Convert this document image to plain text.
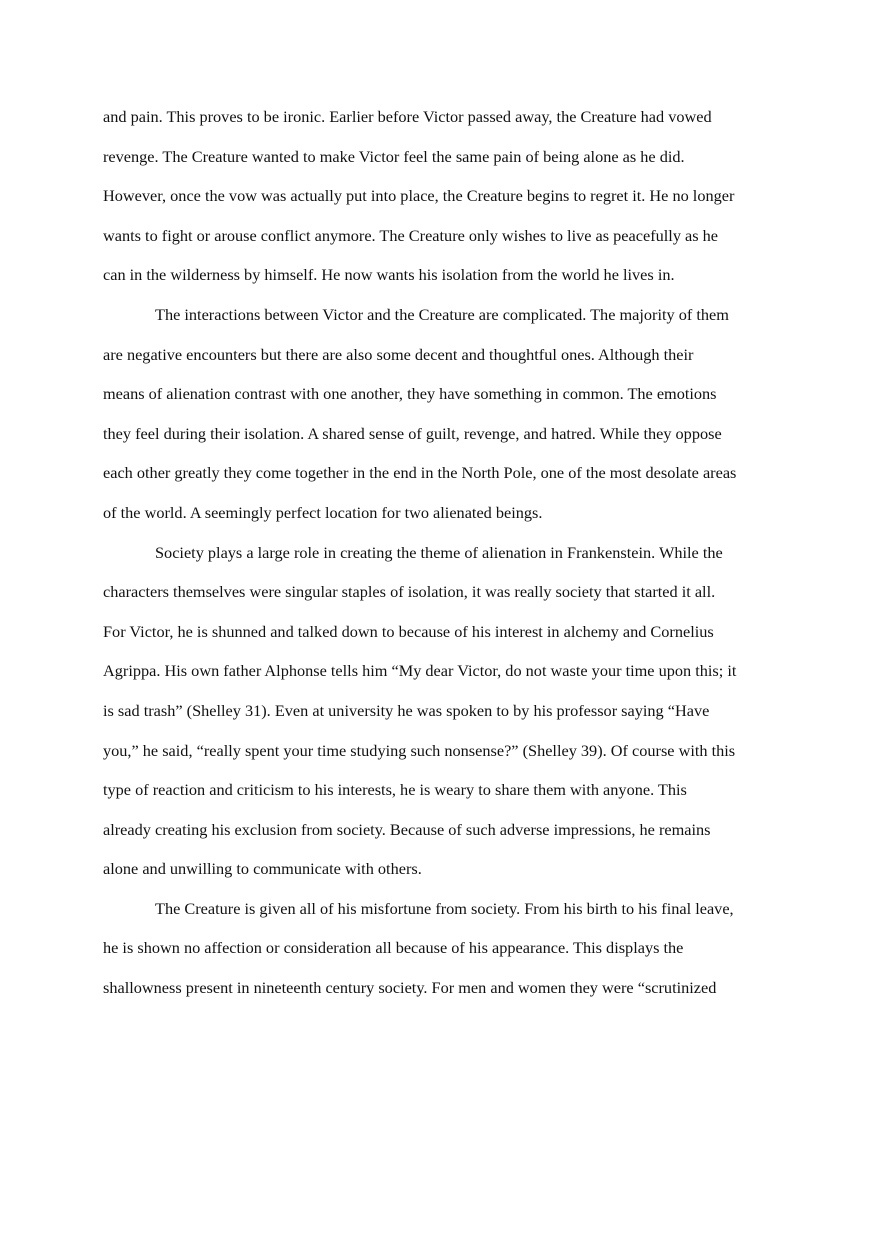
and pain. This proves to be ironic. Earlier before Victor passed away, the Creature had vowed
revenge. The Creature wanted to make Victor feel the same pain of being alone as he did.
However, once the vow was actually put into place, the Creature begins to regret it. He no longer
wants to fight or arouse conflict anymore. The Creature only wishes to live as peacefully as he
can in the wilderness by himself. He now wants his isolation from the world he lives in.
The interactions between Victor and the Creature are complicated. The majority of them
are negative encounters but there are also some decent and thoughtful ones. Although their
means of alienation contrast with one another, they have something in common. The emotions
they feel during their isolation. A shared sense of guilt, revenge, and hatred. While they oppose
each other greatly they come together in the end in the North Pole, one of the most desolate areas
of the world. A seemingly perfect location for two alienated beings.
Society plays a large role in creating the theme of alienation in Frankenstein. While the
characters themselves were singular staples of isolation, it was really society that started it all.
For Victor, he is shunned and talked down to because of his interest in alchemy and Cornelius
Agrippa. His own father Alphonse tells him “My dear Victor, do not waste your time upon this; it
is sad trash” (Shelley 31). Even at university he was spoken to by his professor saying “Have
you,” he said, “really spent your time studying such nonsense?” (Shelley 39). Of course with this
type of reaction and criticism to his interests, he is weary to share them with anyone. This
already creating his exclusion from society. Because of such adverse impressions, he remains
alone and unwilling to communicate with others.
The Creature is given all of his misfortune from society. From his birth to his final leave,
he is shown no affection or consideration all because of his appearance. This displays the
shallowness present in nineteenth century society. For men and women they were “scrutinized
